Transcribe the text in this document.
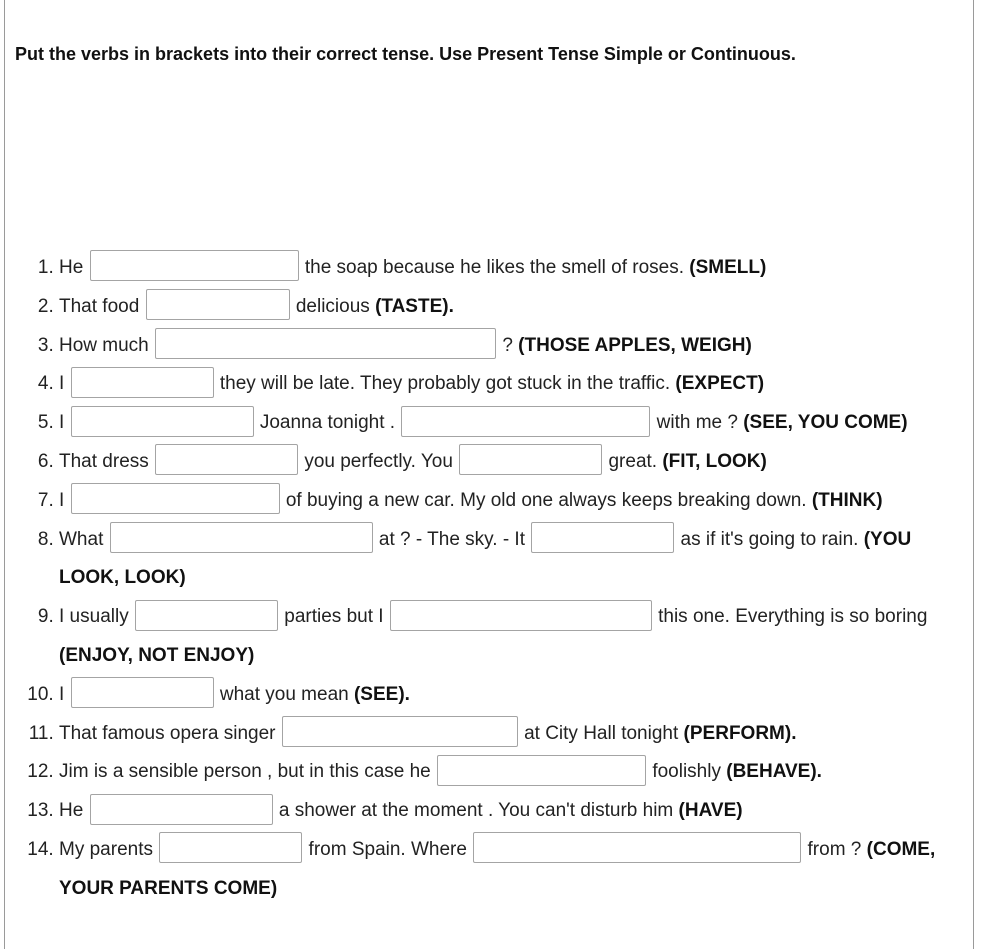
Put the verbs in brackets into their correct tense. Use Present Tense Simple or Continuous.

1. He	the soap because he likes the smell of roses. (SMELL)
2. That food	delicious (TASTE).
3. How much	? (THOSE APPLES, WEIGH)
4. I	they will be late. They probably got stuck in the traffic. (EXPECT)
5. I	Joanna tonight .	with me ? (SEE, YOU COME)
6. That dress	you perfectly. You	great. (FIT, LOOK)
7. I	of buying a new car. My old one always keeps breaking down. (THINK)
8. What	at ? - The sky. - It	as if it's going to rain. (YOU LOOK, LOOK)
9. I usually	parties but I	this one. Everything is so boring (ENJOY, NOT ENJOY)
10. I	what you mean (SEE).
11. That famous opera singer	at City Hall tonight (PERFORM).
12. Jim is a sensible person , but in this case he	foolishly (BEHAVE).
13. He	a shower at the moment . You can't disturb him (HAVE)
14. My parents	from Spain. Where	from ? (COME, YOUR PARENTS COME)
